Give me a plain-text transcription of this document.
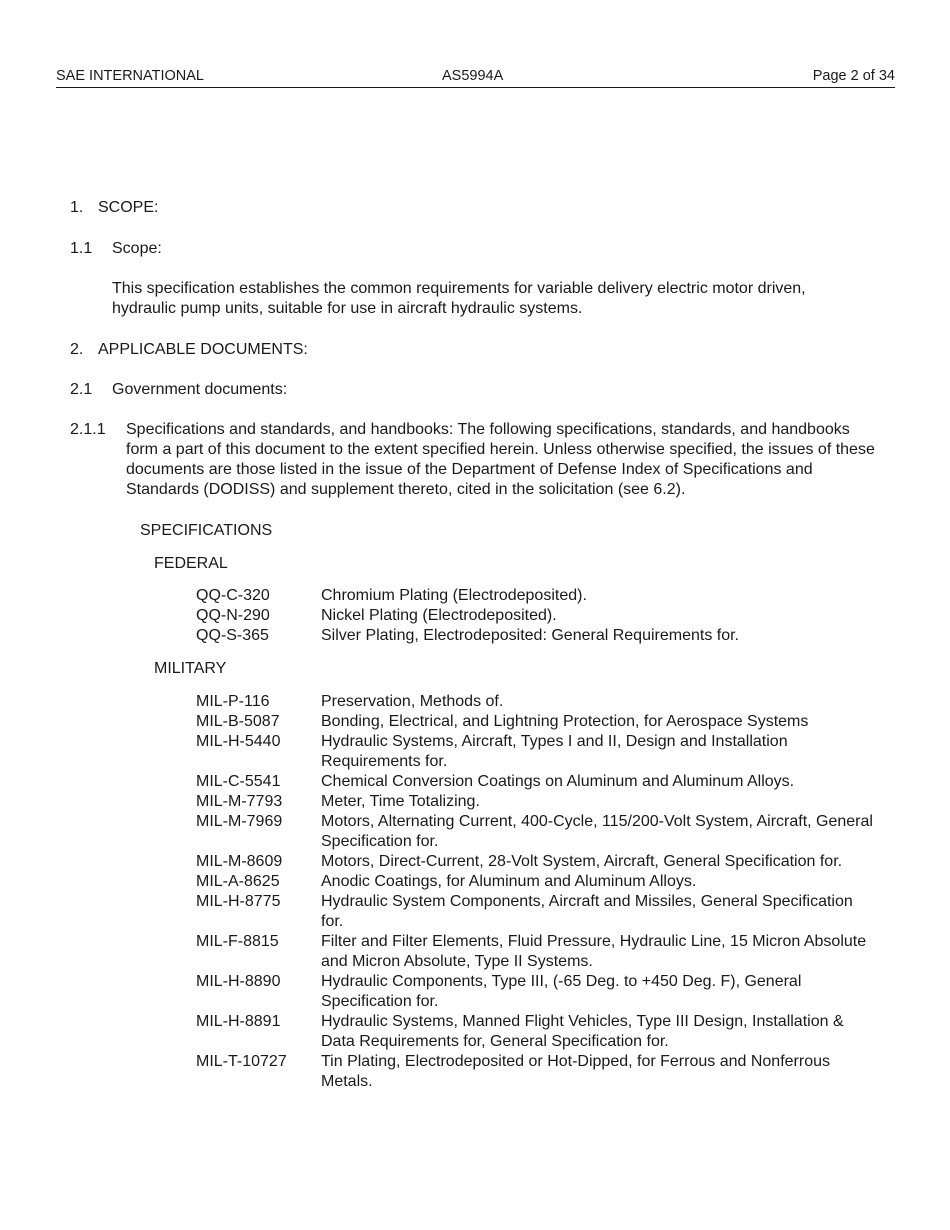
SAE INTERNATIONAL	AS5994A	Page 2 of 34
1. SCOPE:
1.1 Scope:
This specification establishes the common requirements for variable delivery electric motor driven, hydraulic pump units, suitable for use in aircraft hydraulic systems.
2. APPLICABLE DOCUMENTS:
2.1 Government documents:
2.1.1 Specifications and standards, and handbooks: The following specifications, standards, and handbooks form a part of this document to the extent specified herein. Unless otherwise specified, the issues of these documents are those listed in the issue of the Department of Defense Index of Specifications and Standards (DODISS) and supplement thereto, cited in the solicitation (see 6.2).
SPECIFICATIONS
FEDERAL
QQ-C-320	Chromium Plating (Electrodeposited).
QQ-N-290	Nickel Plating (Electrodeposited).
QQ-S-365	Silver Plating, Electrodeposited: General Requirements for.
MILITARY
MIL-P-116	Preservation, Methods of.
MIL-B-5087	Bonding, Electrical, and Lightning Protection, for Aerospace Systems
MIL-H-5440	Hydraulic Systems, Aircraft, Types I and II, Design and Installation Requirements for.
MIL-C-5541	Chemical Conversion Coatings on Aluminum and Aluminum Alloys.
MIL-M-7793	Meter, Time Totalizing.
MIL-M-7969	Motors, Alternating Current, 400-Cycle, 115/200-Volt System, Aircraft, General Specification for.
MIL-M-8609	Motors, Direct-Current, 28-Volt System, Aircraft, General Specification for.
MIL-A-8625	Anodic Coatings, for Aluminum and Aluminum Alloys.
MIL-H-8775	Hydraulic System Components, Aircraft and Missiles, General Specification for.
MIL-F-8815	Filter and Filter Elements, Fluid Pressure, Hydraulic Line, 15 Micron Absolute and Micron Absolute, Type II Systems.
MIL-H-8890	Hydraulic Components, Type III, (-65 Deg. to +450 Deg. F), General Specification for.
MIL-H-8891	Hydraulic Systems, Manned Flight Vehicles, Type III Design, Installation & Data Requirements for, General Specification for.
MIL-T-10727	Tin Plating, Electrodeposited or Hot-Dipped, for Ferrous and Nonferrous Metals.
